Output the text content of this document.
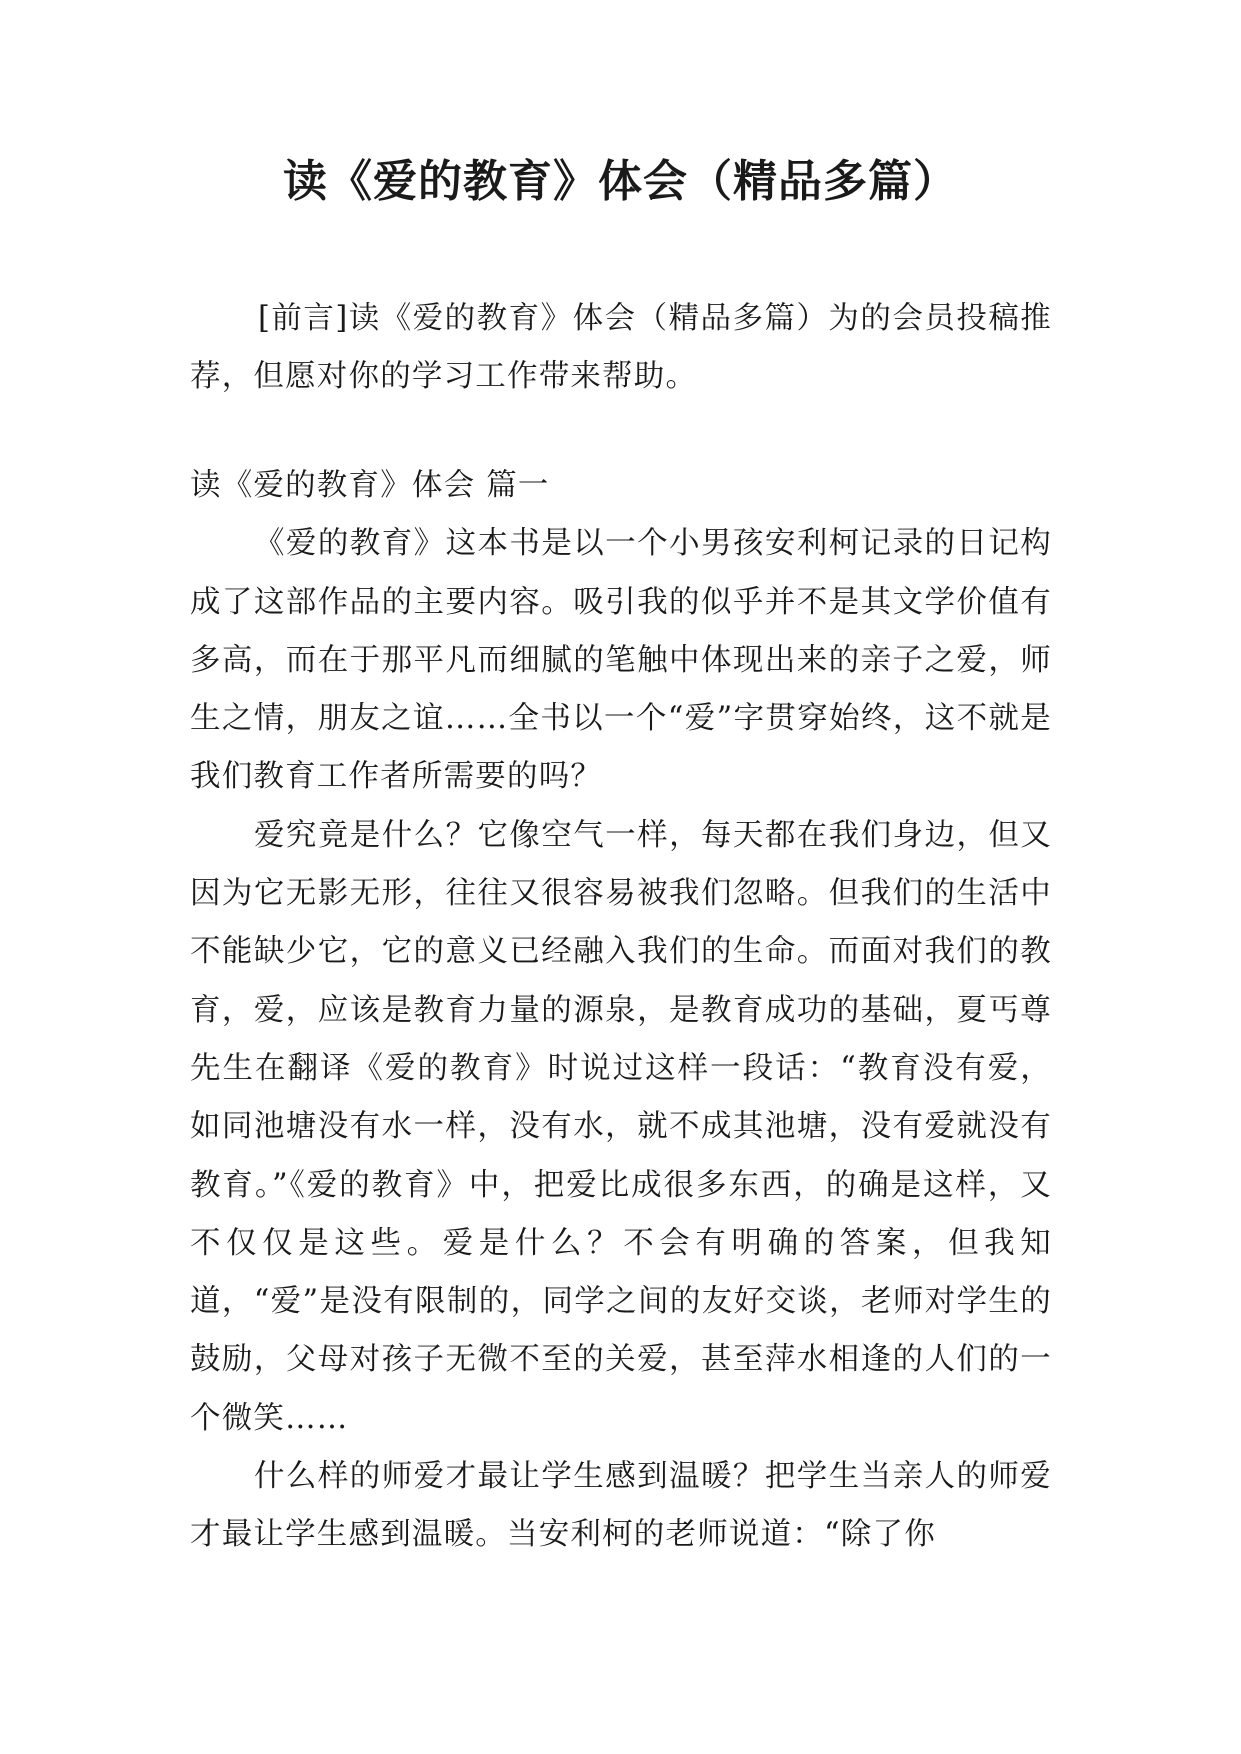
读《爱的教育》体会（精品多篇）

[前言]读《爱的教育》体会（精品多篇）为的会员投稿推荐，但愿对你的学习工作带来帮助。

读《爱的教育》体会 篇一

《爱的教育》这本书是以一个小男孩安利柯记录的日记构成了这部作品的主要内容。吸引我的似乎并不是其文学价值有多高，而在于那平凡而细腻的笔触中体现出来的亲子之爱，师生之情，朋友之谊……全书以一个“爱”字贯穿始终，这不就是我们教育工作者所需要的吗？

爱究竟是什么？它像空气一样，每天都在我们身边，但又因为它无影无形，往往又很容易被我们忽略。但我们的生活中不能缺少它，它的意义已经融入我们的生命。而面对我们的教育，爱，应该是教育力量的源泉，是教育成功的基础，夏丐尊先生在翻译《爱的教育》时说过这样一段话：“教育没有爱，如同池塘没有水一样，没有水，就不成其池塘，没有爱就没有教育。”《爱的教育》中，把爱比成很多东西，的确是这样，又不仅仅是这些。爱是什么？不会有明确的答案，但我知道，“爱”是没有限制的，同学之间的友好交谈，老师对学生的鼓励，父母对孩子无微不至的关爱，甚至萍水相逢的人们的一个微笑……

什么样的师爱才最让学生感到温暖？把学生当亲人的师爱才最让学生感到温暖。当安利柯的老师说道：“除了你
